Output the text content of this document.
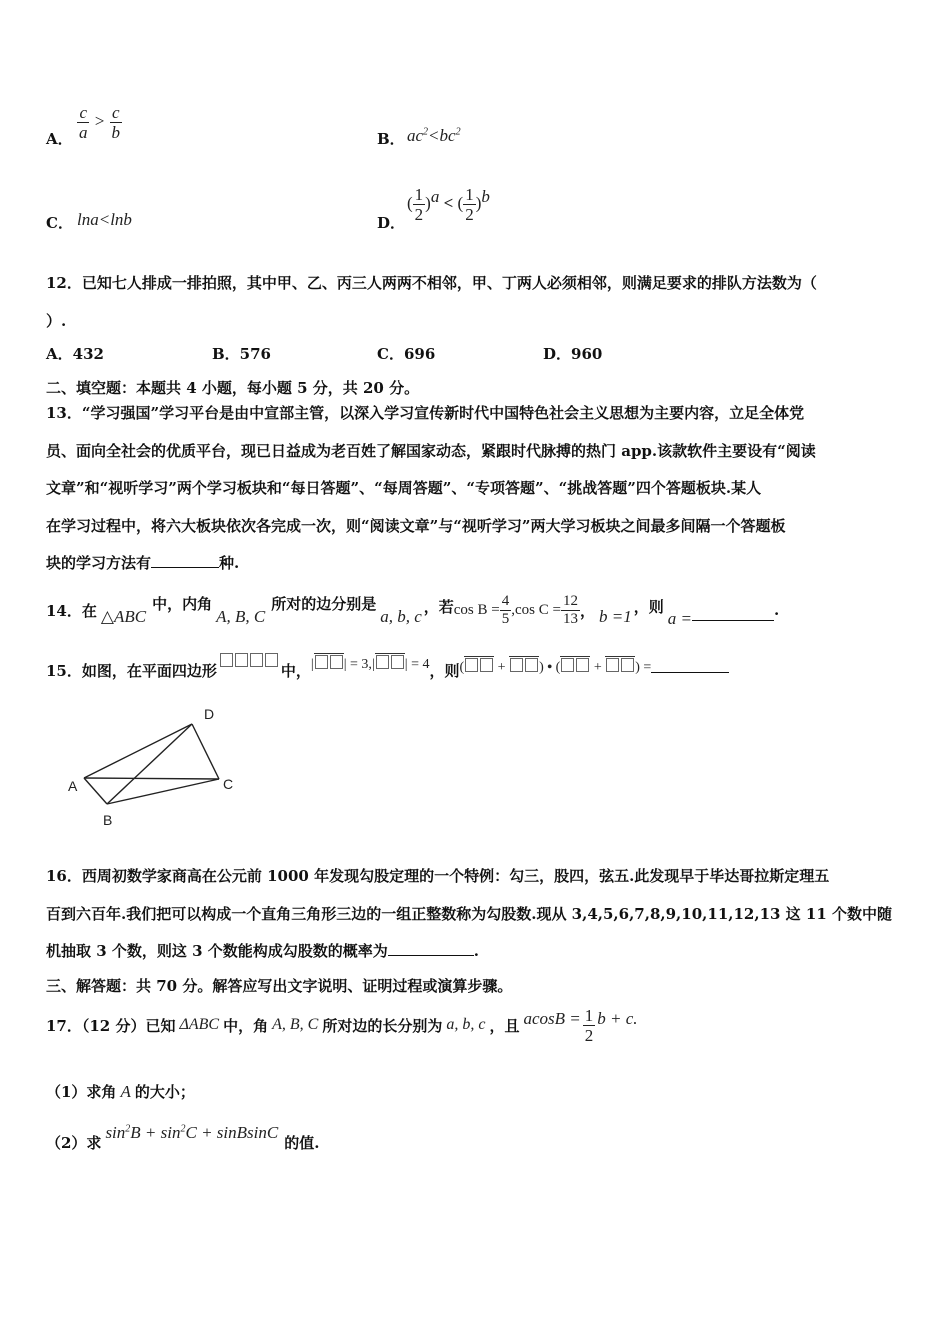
A． $\frac{c}{a} > \frac{c}{b}$	B． $ac^2<bc^2$
C． lna<lnb	D．
( $\frac{1}{2} )^a$ < ( $\frac{1}{2} )^b$
12．已知七人排成一排拍照，其中甲、乙、丙三人两两不相邻，甲、丁两人必须相邻，则满足要求的排队方法数为（
）.
A．432	B．576	C．696	D．960
二、填空题：本题共 4 小题，每小题 5 分，共 20 分。
13．“学习强国”学习平台是由中宣部主管，以深入学习宣传新时代中国特色社会主义思想为主要内容，立足全体党
员、面向全社会的优质平台，现已日益成为老百姓了解国家动态，紧跟时代脉搏的热门 app.该款软件主要设有“阅读
文章”和“视听学习”两个学习板块和“每日答题”、“每周答题”、“专项答题”、“挑战答题”四个答题板块.某人
在学习过程中，将六大板块依次各完成一次，则“阅读文章”与“视听学习”两大学习板块之间最多间隔一个答题板
块的学习方法有	种.
14．在 △ABC
中，内角
A, B, C
所对的边分别是
a, b, c
，若 $\cos B = \frac{4}{5} ,\cos$ $C = \frac{12}{13}$ ， b =1
，则
a =	.
15．如图，在平面四边形	中， | | = 3,| | = 4 ，则 ( + ) • ( + ) =
A
B
C
D
16．西周初数学家商高在公元前 1000 年发现勾股定理的一个特例：勾三，股四，弦五.此发现早于毕达哥拉斯定理五
百到六百年.我们把可以构成一个直角三角形三边的一组正整数称为勾股数.现从 3,4,5,6,7,8,9,10,11,12,13 这 11 个数中随
机抽取 3 个数，则这 3 个数能构成勾股数的概率为	.
三、解答题：共 70 分。解答应写出文字说明、证明过程或演算步骤。
17．（12 分）已知 ΔABC 中，角 A, B, C 所对边的长分别为 a, b, c ，且 $acosB = \frac{1}{2}$ b + c.
（1）求角 A 的大小；
（2）求
$\sin^2B + \sin^2C$ + sinBsinC
的值.
